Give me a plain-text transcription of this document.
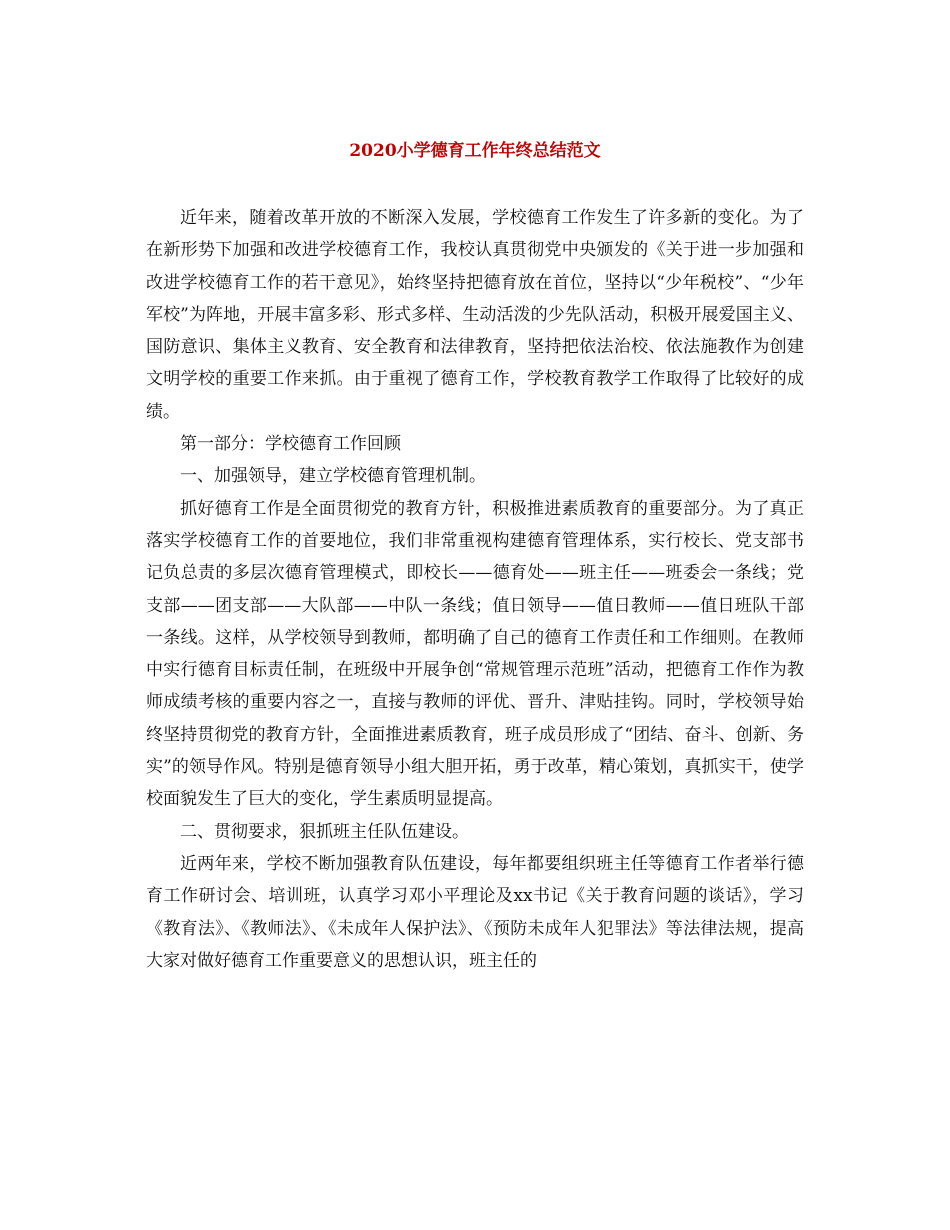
2020小学德育工作年终总结范文

近年来，随着改革开放的不断深入发展，学校德育工作发生了许多新的变化。为了在新形势下加强和改进学校德育工作，我校认真贯彻党中央颁发的《关于进一步加强和改进学校德育工作的若干意见》，始终坚持把德育放在首位，坚持以“少年税校”、“少年军校”为阵地，开展丰富多彩、形式多样、生动活泼的少先队活动，积极开展爱国主义、国防意识、集体主义教育、安全教育和法律教育，坚持把依法治校、依法施教作为创建文明学校的重要工作来抓。由于重视了德育工作，学校教育教学工作取得了比较好的成绩。

第一部分：学校德育工作回顾

一、加强领导，建立学校德育管理机制。

抓好德育工作是全面贯彻党的教育方针，积极推进素质教育的重要部分。为了真正落实学校德育工作的首要地位，我们非常重视构建德育管理体系，实行校长、党支部书记负总责的多层次德育管理模式，即校长——德育处——班主任——班委会一条线；党支部——团支部——大队部——中队一条线；值日领导——值日教师——值日班队干部一条线。这样，从学校领导到教师，都明确了自己的德育工作责任和工作细则。在教师中实行德育目标责任制，在班级中开展争创“常规管理示范班”活动，把德育工作作为教师成绩考核的重要内容之一，直接与教师的评优、晋升、津贴挂钩。同时，学校领导始终坚持贯彻党的教育方针，全面推进素质教育，班子成员形成了“团结、奋斗、创新、务实”的领导作风。特别是德育领导小组大胆开拓，勇于改革，精心策划，真抓实干，使学校面貌发生了巨大的变化，学生素质明显提高。

二、贯彻要求，狠抓班主任队伍建设。

近两年来，学校不断加强教育队伍建设，每年都要组织班主任等德育工作者举行德育工作研讨会、培训班，认真学习邓小平理论及xx书记《关于教育问题的谈话》，学习《教育法》、《教师法》、《未成年人保护法》、《预防未成年人犯罪法》等法律法规，提高大家对做好德育工作重要意义的思想认识，班主任的
